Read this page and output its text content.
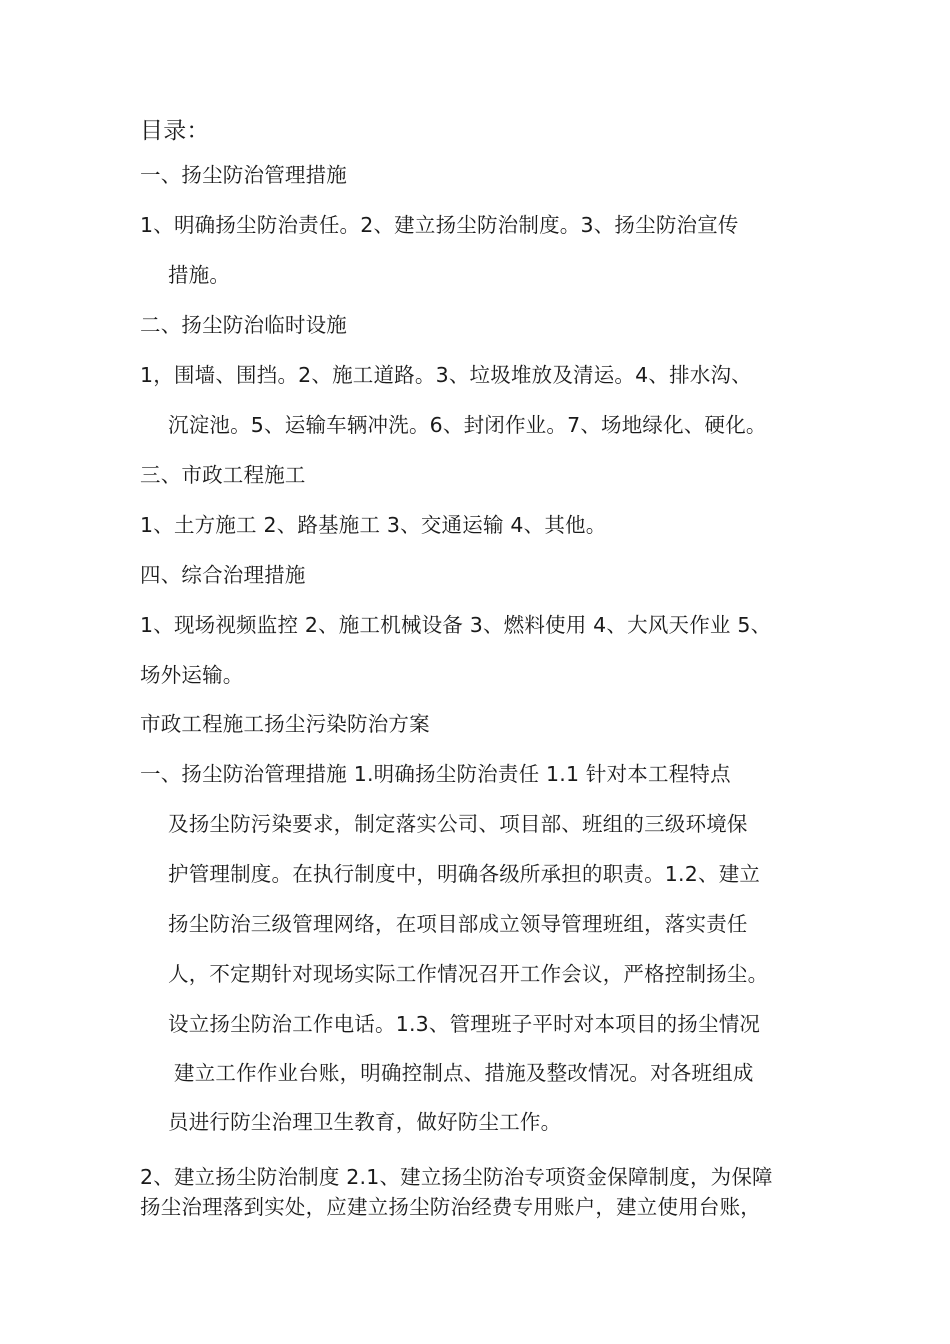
目录：
一、扬尘防治管理措施
1、明确扬尘防治责任。2、建立扬尘防治制度。3、扬尘防治宣传
措施。
二、扬尘防治临时设施
1，围墙、围挡。2、施工道路。3、垃圾堆放及清运。4、排水沟、
沉淀池。5、运输车辆冲洗。6、封闭作业。7、场地绿化、硬化。
三、市政工程施工
1、土方施工 2、路基施工 3、交通运输 4、其他。
四、综合治理措施
1、现场视频监控 2、施工机械设备 3、燃料使用 4、大风天作业 5、
场外运输。
市政工程施工扬尘污染防治方案
一、扬尘防治管理措施 1.明确扬尘防治责任 1.1 针对本工程特点
及扬尘防污染要求，制定落实公司、项目部、班组的三级环境保
护管理制度。在执行制度中，明确各级所承担的职责。1.2、建立
扬尘防治三级管理网络，在项目部成立领导管理班组，落实责任
人，不定期针对现场实际工作情况召开工作会议，严格控制扬尘。
设立扬尘防治工作电话。1.3、管理班子平时对本项目的扬尘情况
建立工作作业台账，明确控制点、措施及整改情况。对各班组成
员进行防尘治理卫生教育，做好防尘工作。
2、建立扬尘防治制度 2.1、建立扬尘防治专项资金保障制度，为保障
扬尘治理落到实处，应建立扬尘防治经费专用账户，建立使用台账，
